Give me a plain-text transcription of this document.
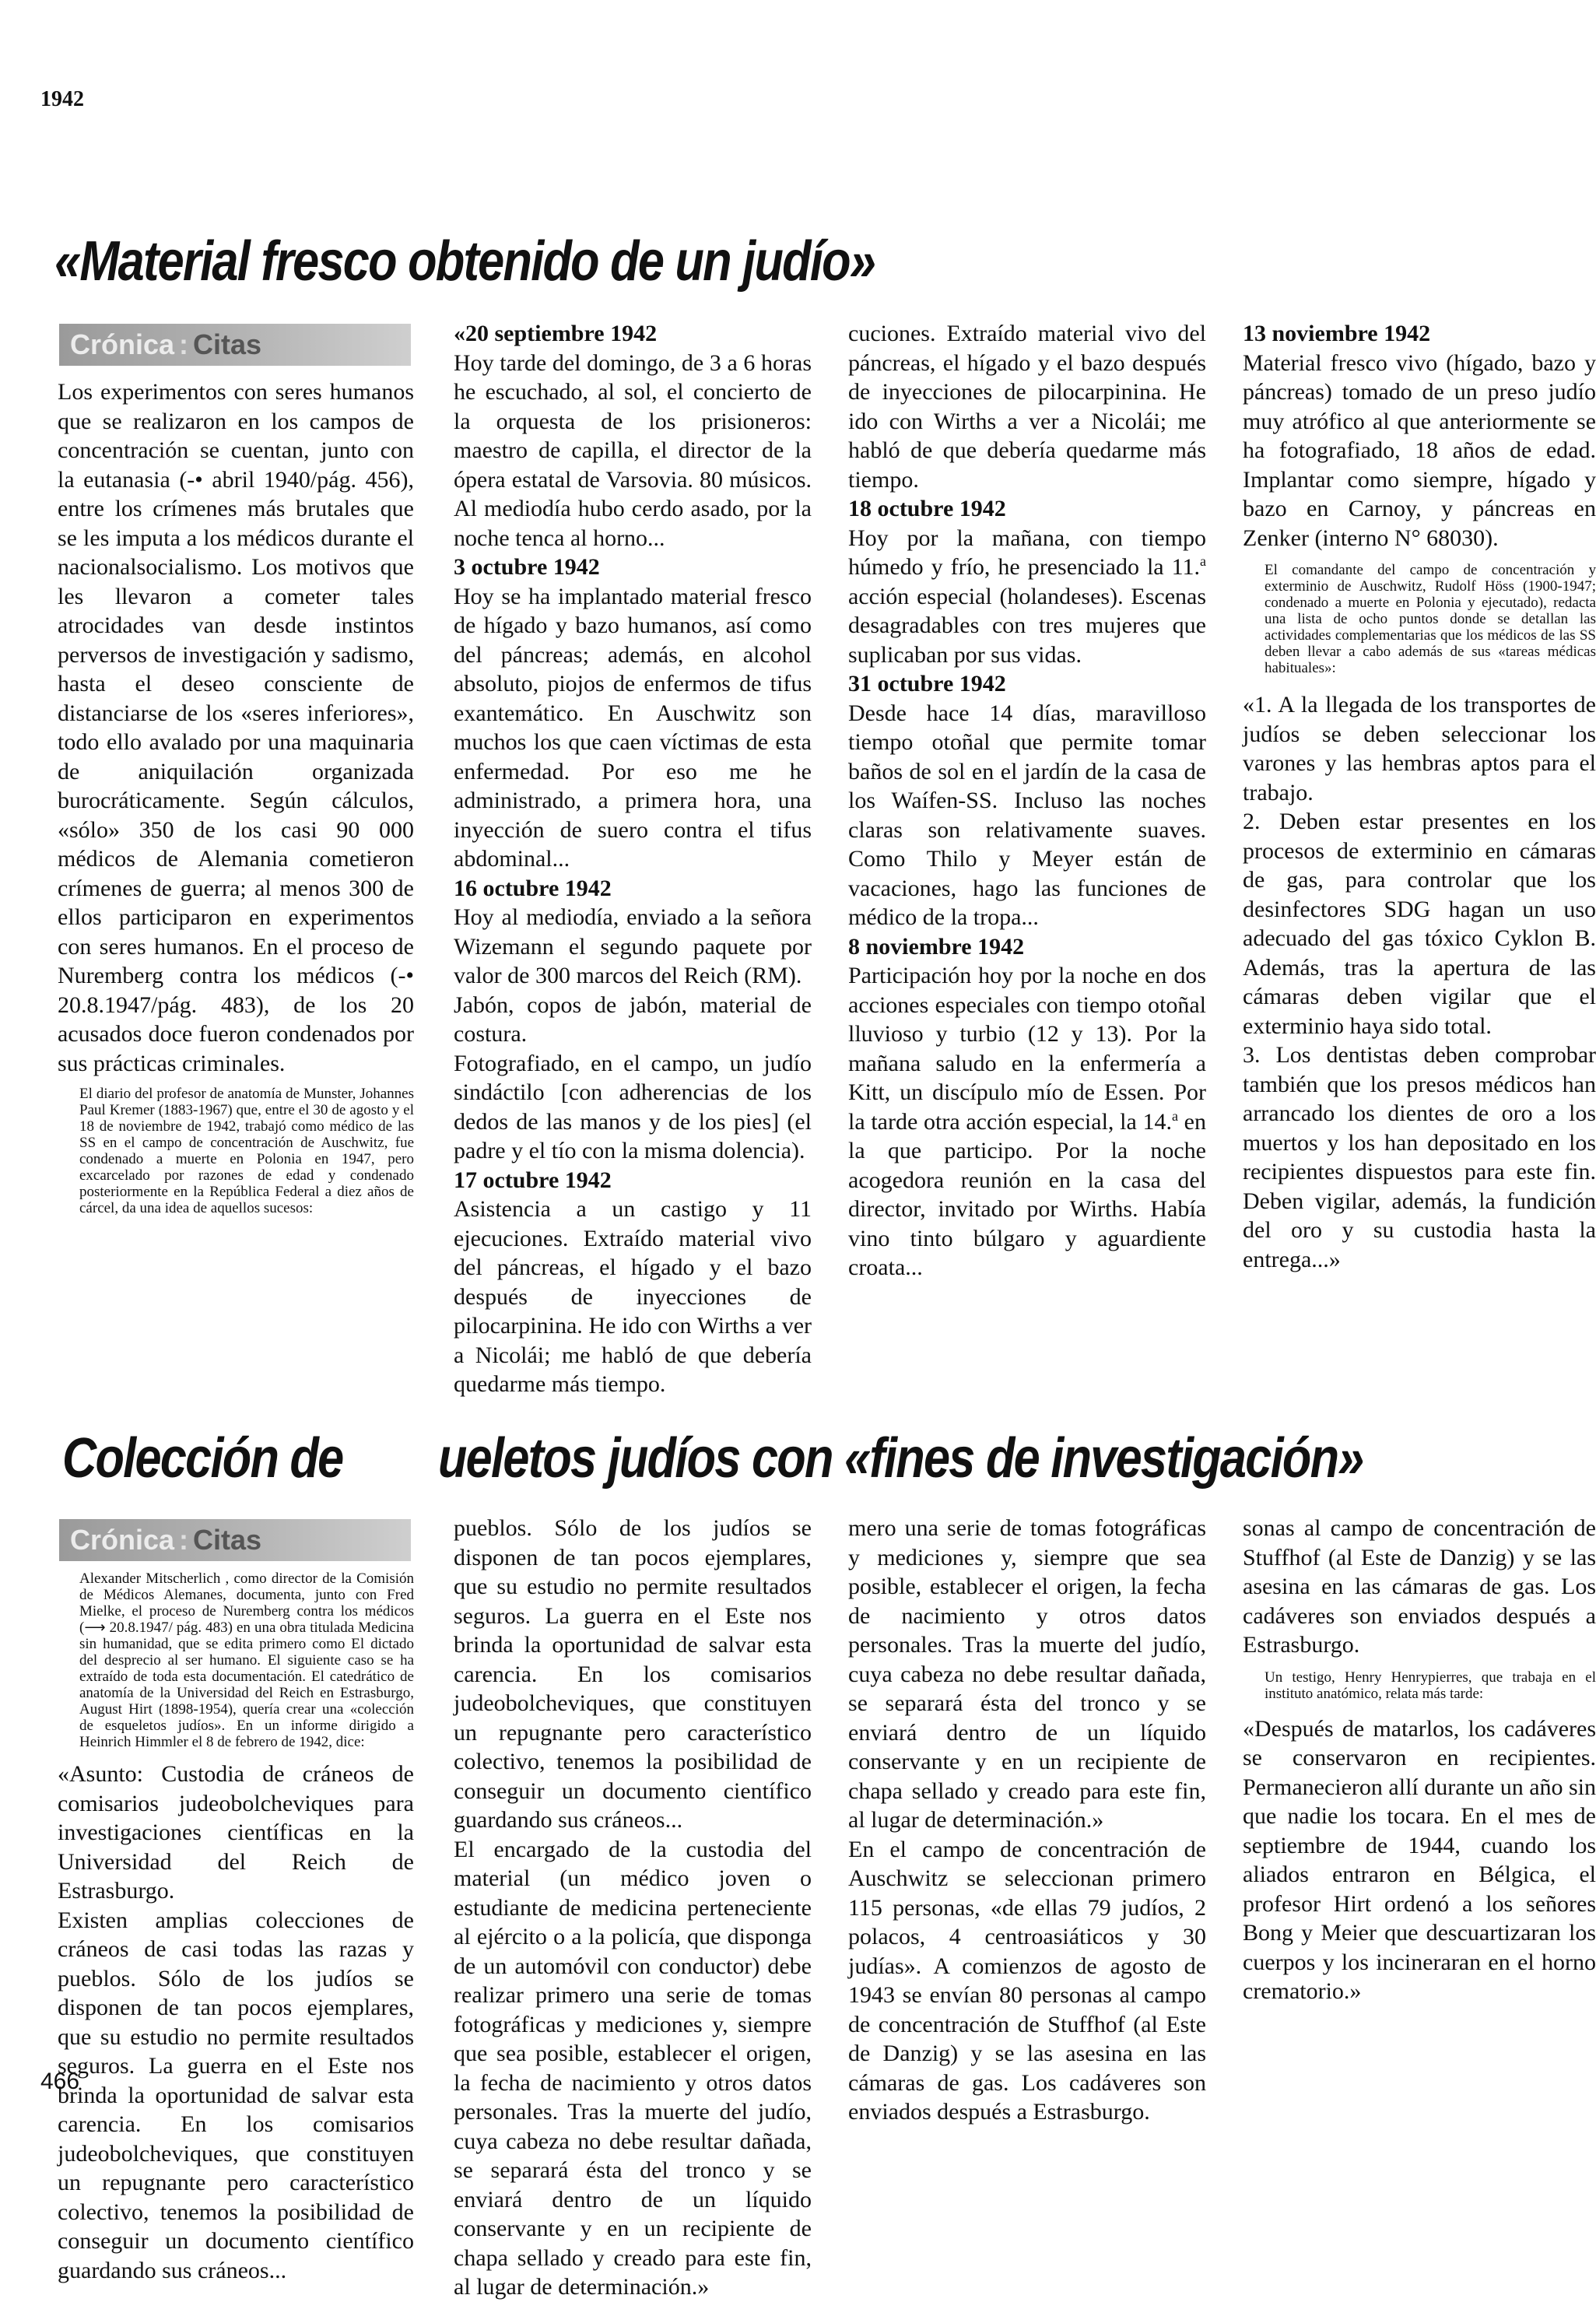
1942
466
«Material fresco obtenido de un judío»
Crónica : Citas

Los experimentos con seres humanos que se realizaron en los campos de concentración se cuentan, junto con la eutanasia (-• abril 1940/pág. 456), entre los crímenes más brutales que se les imputa a los médicos durante el nacionalsocialismo. Los motivos que les llevaron a cometer tales atrocidades van desde instintos perversos de investigación y sadismo, hasta el deseo consciente de distanciarse de los «seres inferiores», todo ello avalado por una maquinaria de aniquilación organizada burocráticamente. Según cálculos, «sólo» 350 de los casi 90 000 médicos de Alemania cometieron crímenes de guerra; al menos 300 de ellos participaron en experimentos con seres humanos. En el proceso de Nuremberg contra los médicos (-• 20.8.1947/pág. 483), de los 20 acusados doce fueron condenados por sus prácticas criminales.

El diario del profesor de anatomía de Munster, Johannes Paul Kremer (1883-1967) que, entre el 30 de agosto y el 18 de noviembre de 1942, trabajó como médico de las SS en el campo de concentración de Auschwitz, fue condenado a muerte en Polonia en 1947, pero excarcelado por razones de edad y condenado posteriormente en la República Federal a diez años de cárcel, da una idea de aquellos sucesos:

«20 septiembre 1942

Hoy tarde del domingo, de 3 a 6 horas he escuchado, al sol, el concierto de la orquesta de los prisioneros: maestro de capilla, el director de la ópera estatal de Varsovia. 80 músicos. Al mediodía hubo cerdo asado, por la noche tenca al horno...

3 octubre 1942

Hoy se ha implantado material fresco de hígado y bazo humanos, así como del páncreas; además, en alcohol absoluto, piojos de enfermos de tifus exantemático. En Auschwitz son muchos los que caen víctimas de esta enfermedad. Por eso me he administrado, a primera hora, una inyección de suero contra el tifus abdominal...

16 octubre 1942

Hoy al mediodía, enviado a la señora Wizemann el segundo paquete por valor de 300 marcos del Reich (RM).

Jabón, copos de jabón, material de costura.

Fotografiado, en el campo, un judío sindáctilo [con adherencias de los dedos de las manos y de los pies] (el padre y el tío con la misma dolencia).

17 octubre 1942

Asistencia a un castigo y 11 ejecuciones. Extraído material vivo del páncreas, el hígado y el bazo después de inyecciones de pilocarpinina. He ido con Wirths a ver a Nicolái; me habló de que debería quedarme más tiempo.

cuciones. Extraído material vivo del páncreas, el hígado y el bazo después de inyecciones de pilocarpinina. He ido con Wirths a ver a Nicolái; me habló de que debería quedarme más tiempo.

18 octubre 1942

Hoy por la mañana, con tiempo húmedo y frío, he presenciado la 11.$^a$ acción especial (holandeses). Escenas desagradables con tres mujeres que suplicaban por sus vidas.

31 octubre 1942

Desde hace 14 días, maravilloso tiempo otoñal que permite tomar baños de sol en el jardín de la casa de los Waífen-SS. Incluso las noches claras son relativamente suaves. Como Thilo y Meyer están de vacaciones, hago las funciones de médico de la tropa...

8 noviembre 1942

Participación hoy por la noche en dos acciones especiales con tiempo otoñal lluvioso y turbio (12 y 13). Por la mañana saludo en la enfermería a Kitt, un discípulo mío de Essen. Por la tarde otra acción especial, la 14.$^a$ en la que participo. Por la noche acogedora reunión en la casa del director, invitado por Wirths. Había vino tinto búlgaro y aguardiente croata...

13 noviembre 1942

Material fresco vivo (hígado, bazo y páncreas) tomado de un preso judío muy atrófico al que anteriormente se ha fotografiado, 18 años de edad. Implantar como siempre, hígado y bazo en Carnoy, y páncreas en Zenker (interno N° 68030).

El comandante del campo de concentración y exterminio de Auschwitz, Rudolf Höss (1900-1947; condenado a muerte en Polonia y ejecutado), redacta una lista de ocho puntos donde se detallan las actividades complementarias que los médicos de las SS deben llevar a cabo además de sus «tareas médicas habituales»:

«1. A la llegada de los transportes de judíos se deben seleccionar los varones y las hembras aptos para el trabajo.

2. Deben estar presentes en los procesos de exterminio en cámaras de gas, para controlar que los desinfectores SDG hagan un uso adecuado del gas tóxico Cyklon B. Además, tras la apertura de las cámaras deben vigilar que el exterminio haya sido total.

3. Los dentistas deben comprobar también que los presos médicos han arrancado los dientes de oro a los muertos y los han depositado en los recipientes dispuestos para este fin. Deben vigilar, además, la fundición del oro y su custodia hasta la entrega...»

Colección de ueletos judíos con «fines de investigación»
Crónica : Citas

Alexander Mitscherlich , como director de la Comisión de Médicos Alemanes, documenta, junto con Fred Mielke, el proceso de Nuremberg contra los médicos (⟶ 20.8.1947/ pág. 483) en una obra titulada Medicina sin humanidad, que se edita primero como El dictado del desprecio al ser humano. El siguiente caso se ha extraído de toda esta documentación. El catedrático de anatomía de la Universidad del Reich en Estrasburgo, August Hirt (1898-1954), quería crear una «colección de esqueletos judíos». En un informe dirigido a Heinrich Himmler el 8 de febrero de 1942, dice:

«Asunto: Custodia de cráneos de comisarios judeobolcheviques para investigaciones científicas en la Universidad del Reich de Estrasburgo.

Existen amplias colecciones de cráneos de casi todas las razas y pueblos. Sólo de los judíos se disponen de tan pocos ejemplares, que su estudio no permite resultados seguros. La guerra en el Este nos brinda la oportunidad de salvar esta carencia. En los comisarios judeobolcheviques, que constituyen un repugnante pero característico colectivo, tenemos la posibilidad de conseguir un documento científico guardando sus cráneos...

pueblos. Sólo de los judíos se disponen de tan pocos ejemplares, que su estudio no permite resultados seguros. La guerra en el Este nos brinda la oportunidad de salvar esta carencia. En los comisarios judeobolcheviques, que constituyen un repugnante pero característico colectivo, tenemos la posibilidad de conseguir un documento científico guardando sus cráneos...

El encargado de la custodia del material (un médico joven o estudiante de medicina perteneciente al ejército o a la policía, que disponga de un automóvil con conductor) debe realizar primero una serie de tomas fotográficas y mediciones y, siempre que sea posible, establecer el origen, la fecha de nacimiento y otros datos personales. Tras la muerte del judío, cuya cabeza no debe resultar dañada, se separará ésta del tronco y se enviará dentro de un líquido conservante y en un recipiente de chapa sellado y creado para este fin, al lugar de determinación.»

mero una serie de tomas fotográficas y mediciones y, siempre que sea posible, establecer el origen, la fecha de nacimiento y otros datos personales. Tras la muerte del judío, cuya cabeza no debe resultar dañada, se separará ésta del tronco y se enviará dentro de un líquido conservante y en un recipiente de chapa sellado y creado para este fin, al lugar de determinación.»

En el campo de concentración de Auschwitz se seleccionan primero 115 personas, «de ellas 79 judíos, 2 polacos, 4 centroasiáticos y 30 judías». A comienzos de agosto de 1943 se envían 80 personas al campo de concentración de Stuffhof (al Este de Danzig) y se las asesina en las cámaras de gas. Los cadáveres son enviados después a Estrasburgo.

sonas al campo de concentración de Stuffhof (al Este de Danzig) y se las asesina en las cámaras de gas. Los cadáveres son enviados después a Estrasburgo.

Un testigo, Henry Henrypierres, que trabaja en el instituto anatómico, relata más tarde:

«Después de matarlos, los cadáveres se conservaron en recipientes. Permanecieron allí durante un año sin que nadie los tocara. En el mes de septiembre de 1944, cuando los aliados entraron en Bélgica, el profesor Hirt ordenó a los señores Bong y Meier que descuartizaran los cuerpos y los incineraran en el horno crematorio.»
